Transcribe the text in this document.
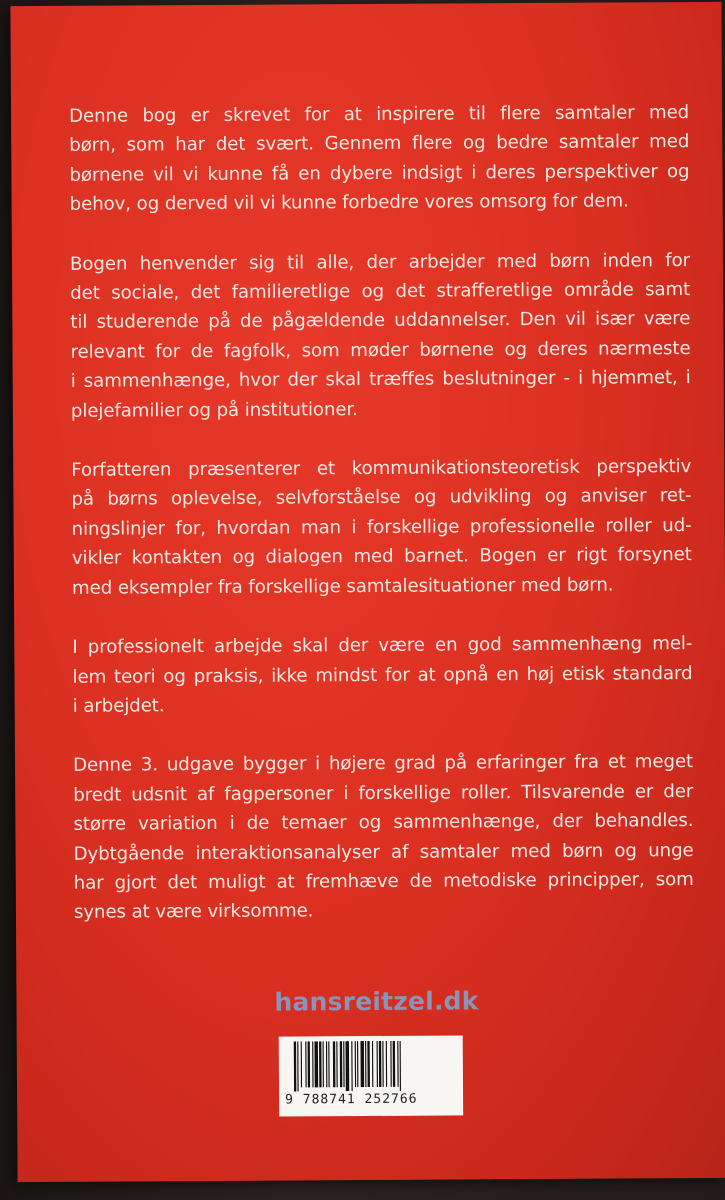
Denne bog er skrevet for at inspirere til flere samtaler med
børn, som har det svært. Gennem flere og bedre samtaler med
børnene vil vi kunne få en dybere indsigt i deres perspektiver og
behov, og derved vil vi kunne forbedre vores omsorg for dem.

Bogen henvender sig til alle, der arbejder med børn inden for
det sociale, det familieretlige og det strafferetlige område samt
til studerende på de pågældende uddannelser. Den vil især være
relevant for de fagfolk, som møder børnene og deres nærmeste
i sammenhænge, hvor der skal træffes beslutninger - i hjemmet, i
plejefamilier og på institutioner.

Forfatteren præsenterer et kommunikationsteoretisk perspektiv
på børns oplevelse, selvforståelse og udvikling og anviser ret-
ningslinjer for, hvordan man i forskellige professionelle roller ud-
vikler kontakten og dialogen med barnet. Bogen er rigt forsynet
med eksempler fra forskellige samtalesituationer med børn.

I professionelt arbejde skal der være en god sammenhæng mel-
lem teori og praksis, ikke mindst for at opnå en høj etisk standard
i arbejdet.

Denne 3. udgave bygger i højere grad på erfaringer fra et meget
bredt udsnit af fagpersoner i forskellige roller. Tilsvarende er der
større variation i de temaer og sammenhænge, der behandles.
Dybtgående interaktionsanalyser af samtaler med børn og unge
har gjort det muligt at fremhæve de metodiske principper, som
synes at være virksomme.

hansreitzel.dk
9 788741 252766
